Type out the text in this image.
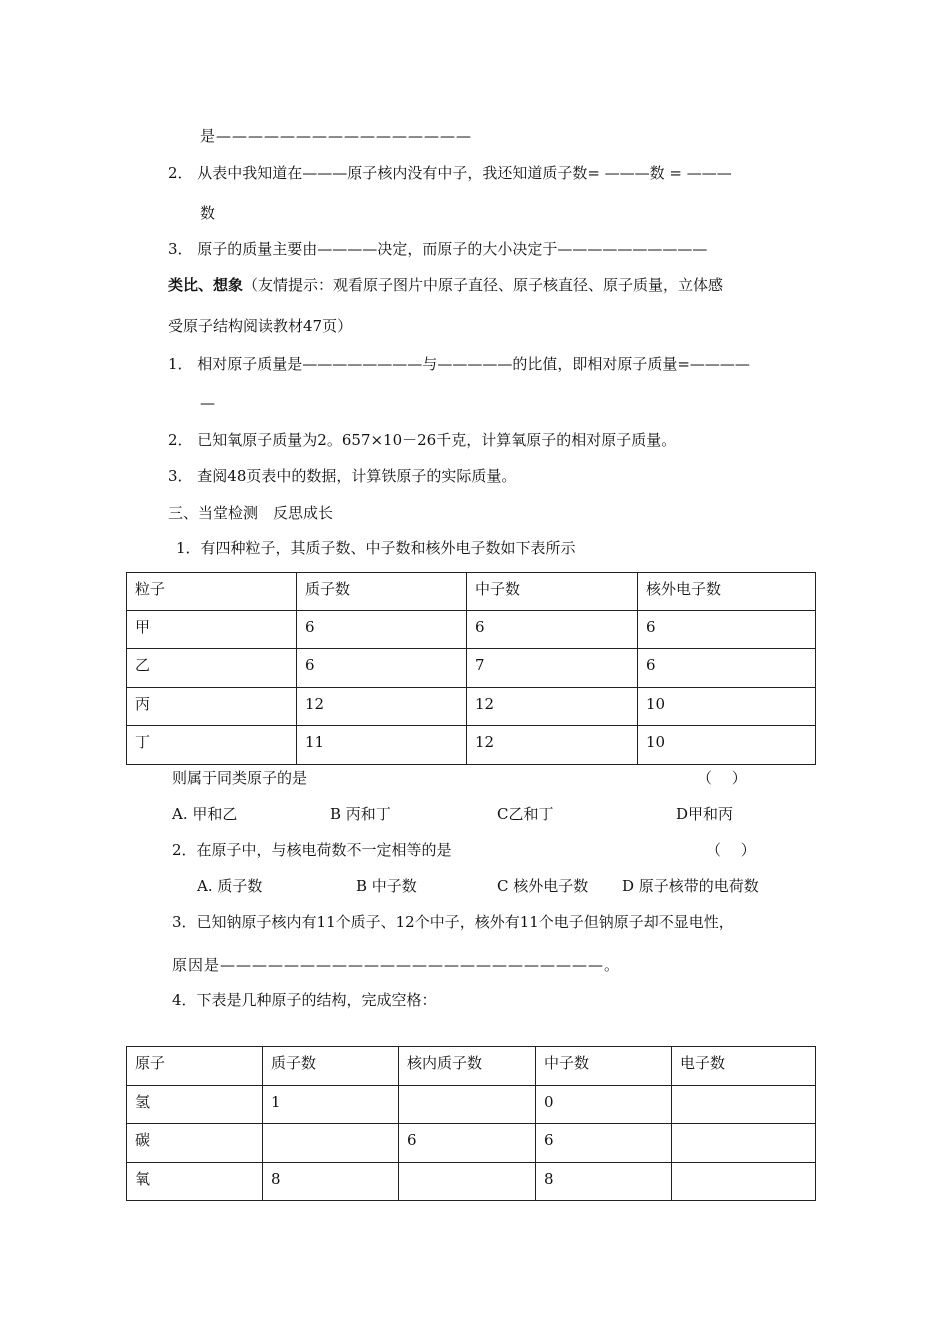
是————————————————
2． 从表中我知道在———原子核内没有中子，我还知道质子数= ———数 = ———
数
3． 原子的质量主要由————决定，而原子的大小决定于——————————
类比、想象（友情提示：观看原子图片中原子直径、原子核直径、原子质量，立体感
受原子结构阅读教材47页）
1． 相对原子质量是————————与—————的比值，即相对原子质量=————
—
2． 已知氧原子质量为2。657×10－26千克，计算氧原子的相对原子质量。
3． 查阅48页表中的数据，计算铁原子的实际质量。
三、当堂检测　反思成长
1．有四种粒子，其质子数、中子数和核外电子数如下表所示
粒子	质子数	中子数	核外电子数
甲	6	6	6
乙	6	7	6
丙	12	12	10
丁	11	12	10
则属于同类原子的是	（　 ）
A. 甲和乙	B 丙和丁	C乙和丁	D甲和丙
2．在原子中，与核电荷数不一定相等的是	（　 ）
A. 质子数	B 中子数	C 核外电子数 D 原子核带的电荷数
3．已知钠原子核内有11个质子、12个中子，核外有11个电子但钠原子却不显电性，
原因是————————————————————————。
4．下表是几种原子的结构，完成空格：
原子	质子数	核内质子数	中子数	电子数
氢	1		0	
碳		6	6	
氧	8		8	
